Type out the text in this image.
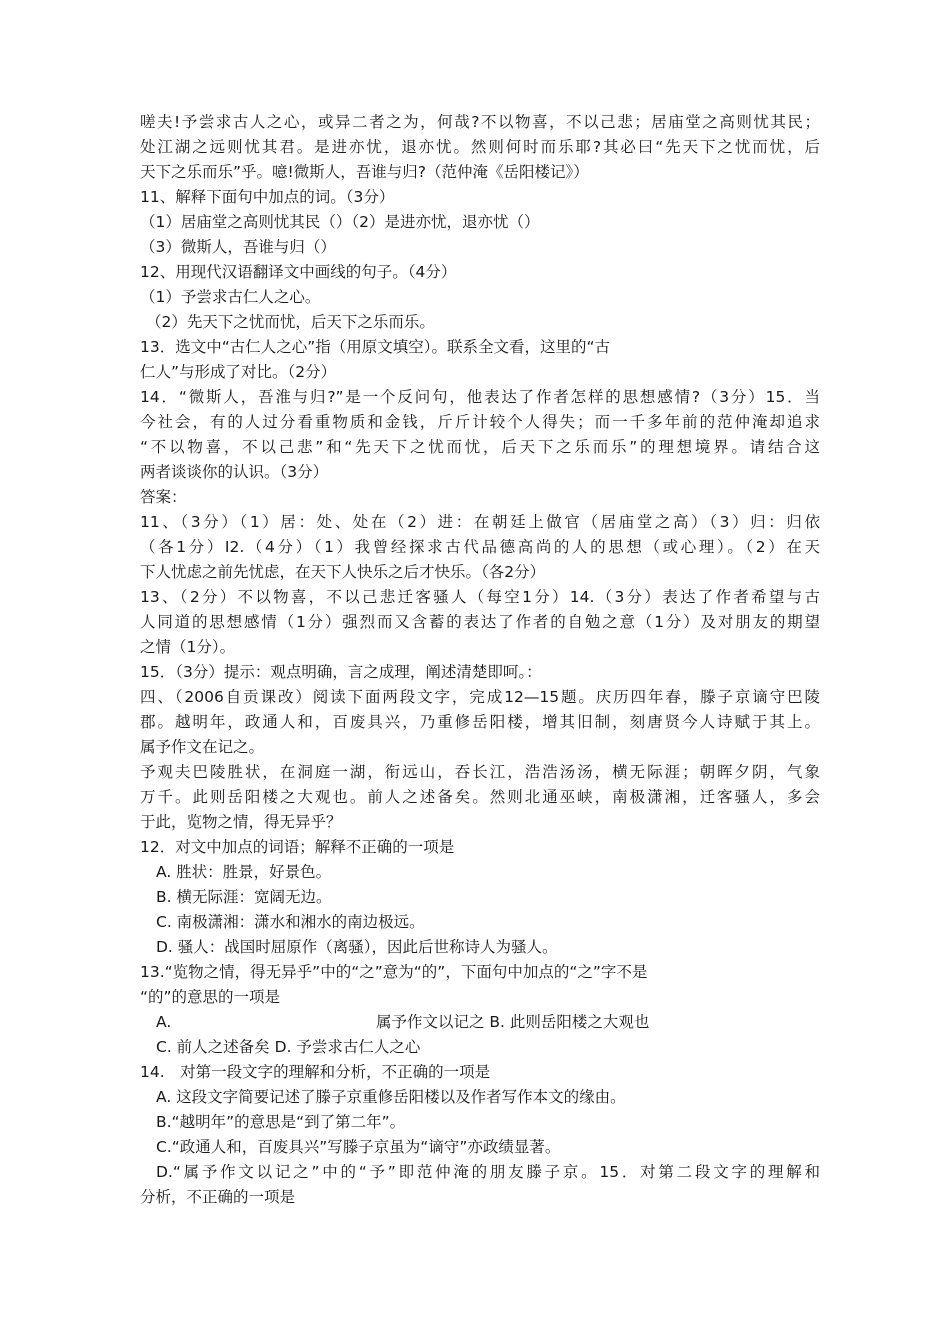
嗟夫!予尝求古人之心，或异二者之为，何哉?不以物喜，不以己悲；居庙堂之高则忧其民；
处江湖之远则忧其君。是进亦忧，退亦忧。然则何时而乐耶?其必曰“先天下之忧而忧，后
天下之乐而乐”乎。噫!微斯人，吾谁与归?（范仲淹《岳阳楼记》）
11、解释下面句中加点的词。（3分）
（1）居庙堂之高则忧其民（）（2）是进亦忧，退亦忧（）
（3）微斯人，吾谁与归（）
12、用现代汉语翻译文中画线的句子。（4分）
（1）予尝求古仁人之心。
（2）先天下之忧而忧，后天下之乐而乐。
13．选文中“古仁人之心”指（用原文填空）。联系全文看，这里的“古
仁人”与形成了对比。（2分）
14．“微斯人，吾淮与归?”是一个反问句，他表达了作者怎样的思想感情?（3分）15．当
今社会，有的人过分看重物质和金钱，斤斤计较个人得失；而一千多年前的范仲淹却追求
“不以物喜，不以己悲”和“先天下之忧而忧，后天下之乐而乐”的理想境界。请结合这
两者谈谈你的认识。（3分）
答案：
11、（3分）（1）居：处、处在（2）进：在朝廷上做官（居庙堂之高）（3）归：归依
（各1分）I2.（4分）（1）我曾经探求古代品德高尚的人的思想（或心理）。（2）在天
下人忧虑之前先忧虑，在天下人快乐之后才快乐。（各2分）
13、（2分）不以物喜，不以己悲迁客骚人（每空1分）14.（3分）表达了作者希望与古
人同道的思想感情（1分）强烈而又含蓄的表达了作者的自勉之意（1分）及对朋友的期望
之情（1分）。
15．（3分）提示：观点明确，言之成理，阐述清楚即呵。：
四、（2006自贡课改）阅读下面两段文字，完成12—15题。庆历四年春，滕子京谪守巴陵
郡。越明年，政通人和，百废具兴，乃重修岳阳楼，增其旧制，刻唐贤今人诗赋于其上。
属予作文在记之。
予观夫巴陵胜状，在洞庭一湖，衔远山，吞长江，浩浩汤汤，横无际涯；朝晖夕阴，气象
万千。此则岳阳楼之大观也。前人之述备矣。然则北通巫峡，南极潇湘，迁客骚人，多会
于此，览物之情，得无异乎？
12．对文中加点的词语；解释不正确的一项是
A. 胜状：胜景，好景色。
B. 横无际涯：宽阔无边。
C. 南极潇湘：潇水和湘水的南边极远。
D. 骚人：战国时屈原作（离骚），因此后世称诗人为骚人。
13.“览物之情，得无异乎”中的“之”意为“的”，下面句中加点的“之”字不是
“的”的意思的一项是
A.	属予作文以记之 B. 此则岳阳楼之大观也
C. 前人之述备矣 D. 予尝求古仁人之心
14.　对第一段文字的理解和分析，不正确的一项是
A. 这段文字简要记述了滕子京重修岳阳楼以及作者写作本文的缘由。
B.“越明年”的意思是“到了第二年”。
C.“政通人和，百废具兴”写滕子京虽为“谪守”亦政绩显著。
D.“属予作文以记之”中的“予”即范仲淹的朋友滕子京。15．对第二段文字的理解和
分析，不正确的一项是
